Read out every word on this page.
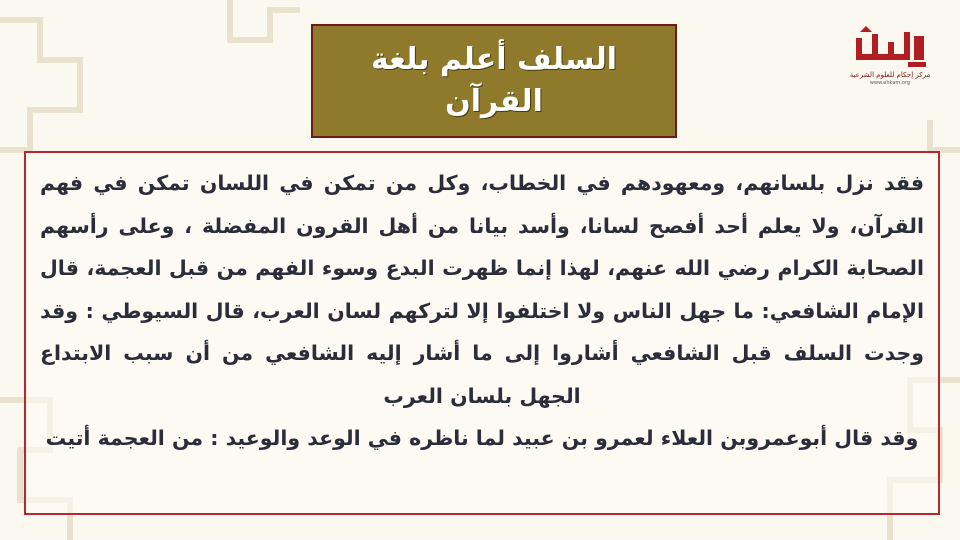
مركز إحكام للعلوم الشرعية
www.ehkam.org
السلف أعلم بلغة
القرآن

فقد نزل بلسانهم، ومعهودهم في الخطاب، وكل من تمكن في اللسان تمكن في فهم القرآن، ولا يعلم أحد أفصح لسانا، وأسد بيانا من أهل القرون المفضلة ، وعلى رأسهم الصحابة الكرام رضي الله عنهم، لهذا إنما ظهرت البدع وسوء الفهم من قبل العجمة، قال الإمام الشافعي: ما جهل الناس ولا اختلفوا إلا لتركهم لسان العرب، قال السيوطي : وقد وجدت السلف قبل الشافعي أشاروا إلى ما أشار إليه الشافعي من أن سبب الابتداع الجهل بلسان العرب

وقد قال أبوعمروبن العلاء لعمرو بن عبيد لما ناظره في الوعد والوعيد : من العجمة أتيت
